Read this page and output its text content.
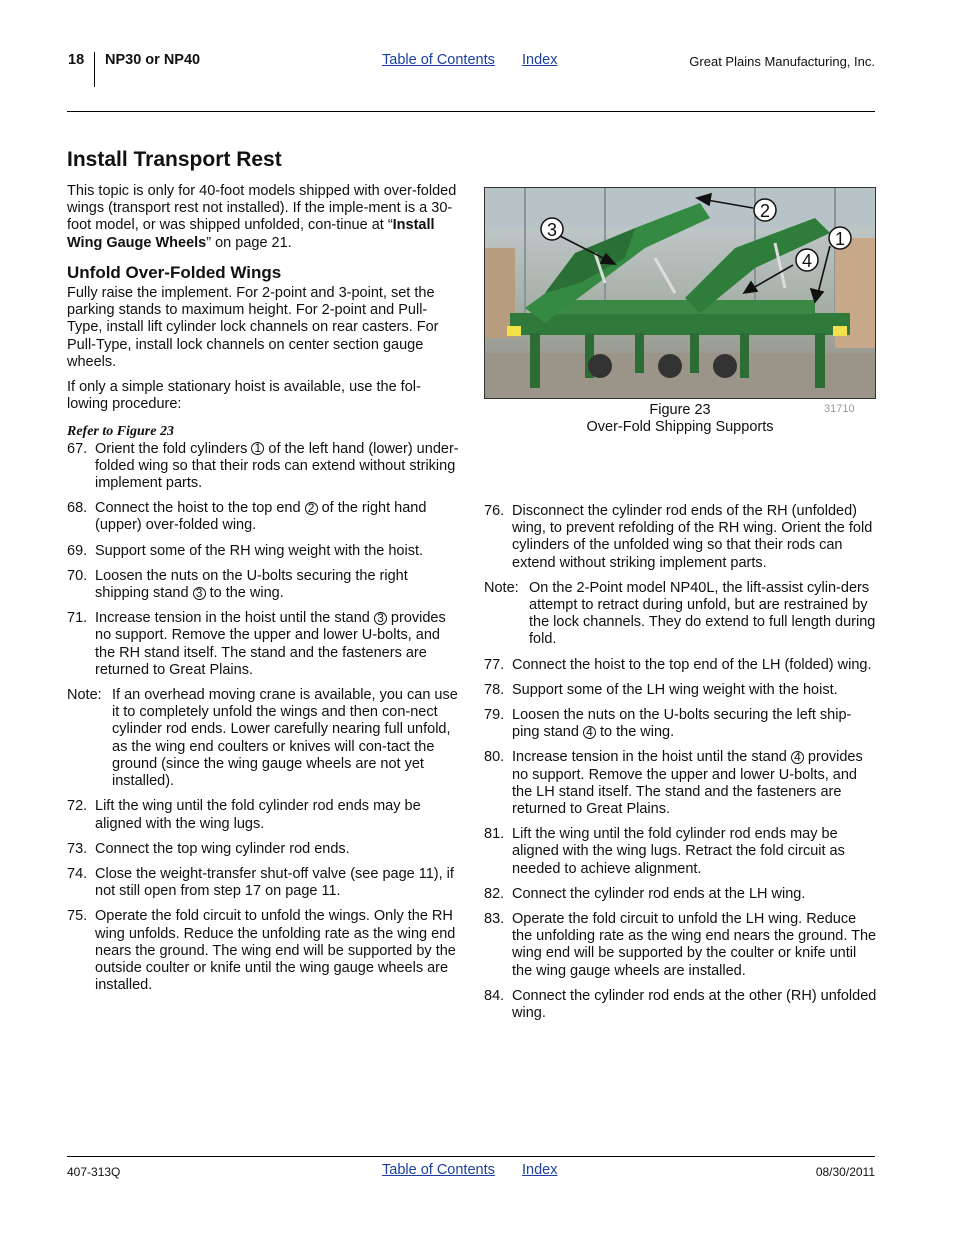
18 NP30 or NP40	Table of Contents Index	Great Plains Manufacturing, Inc.
Install Transport Rest

This topic is only for 40-foot models shipped with over-folded wings (transport rest not installed). If the imple-ment is a 30-foot model, or was shipped unfolded, con-tinue at “Install Wing Gauge Wheels” on page 21.

Unfold Over-Folded Wings

Fully raise the implement. For 2-point and 3-point, set the parking stands to maximum height. For 2-point and Pull-Type, install lift cylinder lock channels on rear casters. For Pull-Type, install lock channels on center section gauge wheels.

If only a simple stationary hoist is available, use the fol-lowing procedure:

Refer to Figure 23
67. Orient the fold cylinders 1 of the left hand (lower) under-folded wing so that their rods can extend without striking implement parts.
68. Connect the hoist to the top end 2 of the right hand (upper) over-folded wing.
69. Support some of the RH wing weight with the hoist.
70. Loosen the nuts on the U-bolts securing the right shipping stand 3 to the wing.
71. Increase tension in the hoist until the stand 3 provides no support. Remove the upper and lower U-bolts, and the RH stand itself. The stand and the fasteners are returned to Great Plains.
Note: If an overhead moving crane is available, you can use it to completely unfold the wings and then con-nect cylinder rod ends. Lower carefully nearing full unfold, as the wing end coulters or knives will con-tact the ground (since the wing gauge wheels are not yet installed).
72. Lift the wing until the fold cylinder rod ends may be aligned with the wing lugs.
73. Connect the top wing cylinder rod ends.
74. Close the weight-transfer shut-off valve (see page 11), if not still open from step 17 on page 11.
75. Operate the fold circuit to unfold the wings. Only the RH wing unfolds. Reduce the unfolding rate as the wing end nears the ground. The wing end will be supported by the outside coulter or knife until the wing gauge wheels are installed.
2
3	1
4
Figure 23
Over-Fold Shipping Supports
31710
76. Disconnect the cylinder rod ends of the RH (unfolded) wing, to prevent refolding of the RH wing. Orient the fold cylinders of the unfolded wing so that their rods can extend without striking implement parts.
Note: On the 2-Point model NP40L, the lift-assist cylin-ders attempt to retract during unfold, but are restrained by the lock channels. They do extend to full length during fold.
77. Connect the hoist to the top end of the LH (folded) wing.
78. Support some of the LH wing weight with the hoist.
79. Loosen the nuts on the U-bolts securing the left ship-ping stand 4 to the wing.
80. Increase tension in the hoist until the stand 4 provides no support. Remove the upper and lower U-bolts, and the LH stand itself. The stand and the fasteners are returned to Great Plains.
81. Lift the wing until the fold cylinder rod ends may be aligned with the wing lugs. Retract the fold circuit as needed to achieve alignment.
82. Connect the cylinder rod ends at the LH wing.
83. Operate the fold circuit to unfold the LH wing. Reduce the unfolding rate as the wing end nears the ground. The wing end will be supported by the coulter or knife until the wing gauge wheels are installed.
84. Connect the cylinder rod ends at the other (RH) unfolded wing.
407-313Q	Table of Contents Index	08/30/2011
